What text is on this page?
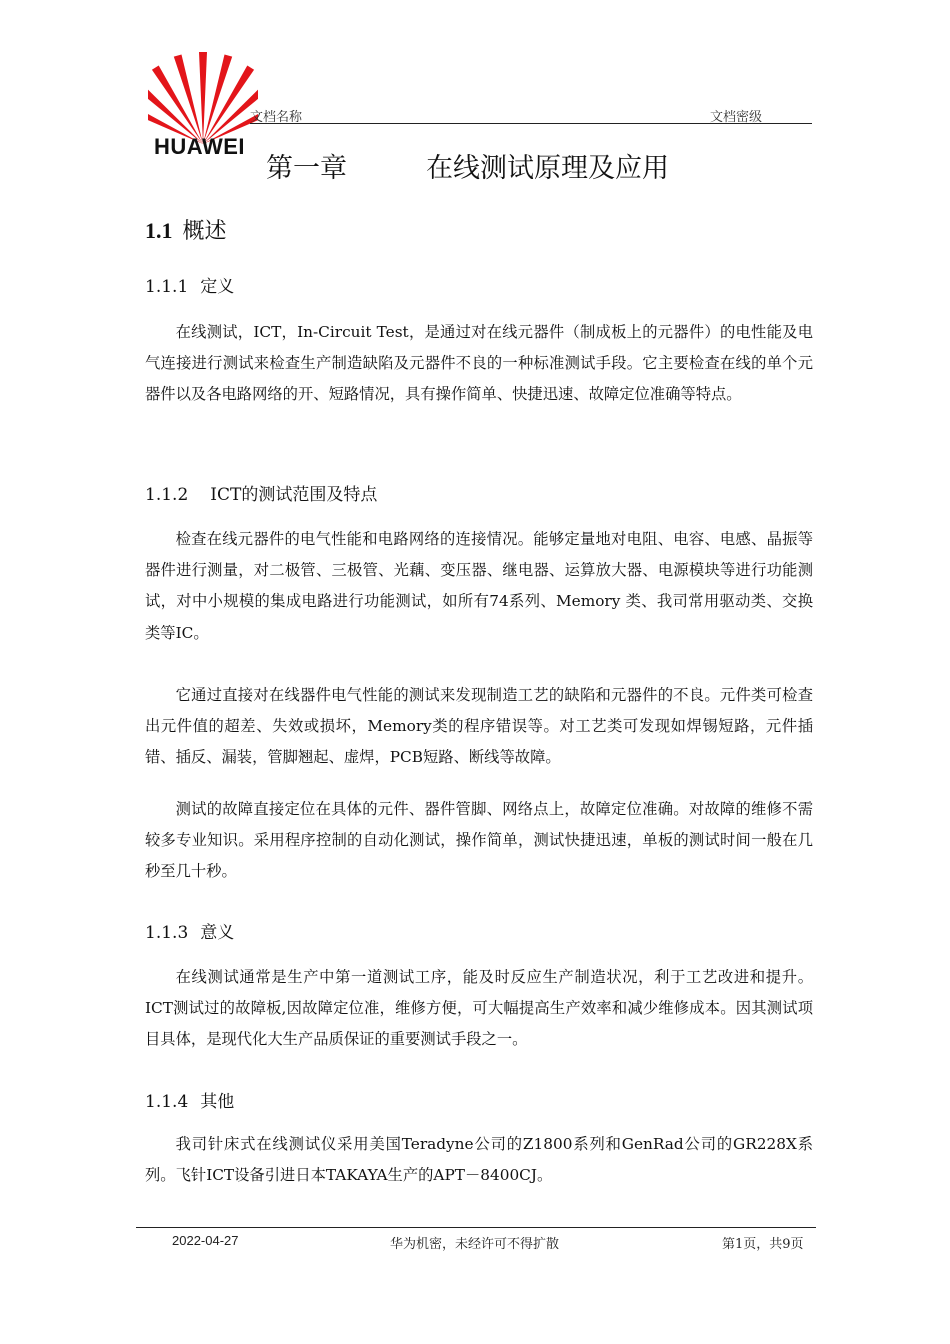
HUAWEI
文档名称	文档密级
第一章	在线测试原理及应用
1.1 概述
1.1.1 定义

在线测试，ICT，In-Circuit Test，是通过对在线元器件（制成板上的元器件）的电性能及电气连接进行测试来检查生产制造缺陷及元器件不良的一种标准测试手段。它主要检查在线的单个元器件以及各电路网络的开、短路情况，具有操作简单、快捷迅速、故障定位准确等特点。

1.1.2 ICT的测试范围及特点

检查在线元器件的电气性能和电路网络的连接情况。能够定量地对电阻、电容、电感、晶振等器件进行测量，对二极管、三极管、光藕、变压器、继电器、运算放大器、电源模块等进行功能测试，对中小规模的集成电路进行功能测试，如所有74系列、Memory 类、我司常用驱动类、交换类等IC。

它通过直接对在线器件电气性能的测试来发现制造工艺的缺陷和元器件的不良。元件类可检查出元件值的超差、失效或损坏，Memory类的程序错误等。对工艺类可发现如焊锡短路，元件插错、插反、漏装，管脚翘起、虚焊，PCB短路、断线等故障。

测试的故障直接定位在具体的元件、器件管脚、网络点上，故障定位准确。对故障的维修不需较多专业知识。采用程序控制的自动化测试，操作简单，测试快捷迅速，单板的测试时间一般在几秒至几十秒。

1.1.3 意义

在线测试通常是生产中第一道测试工序，能及时反应生产制造状况，利于工艺改进和提升。ICT测试过的故障板,因故障定位准，维修方便，可大幅提高生产效率和减少维修成本。因其测试项目具体，是现代化大生产品质保证的重要测试手段之一。

1.1.4 其他

我司针床式在线测试仪采用美国Teradyne公司的Z1800系列和GenRad公司的GR228X系列。飞针ICT设备引进日本TAKAYA生产的APT－8400CJ。

2022-04-27	华为机密，未经许可不得扩散	第1页，共9页
